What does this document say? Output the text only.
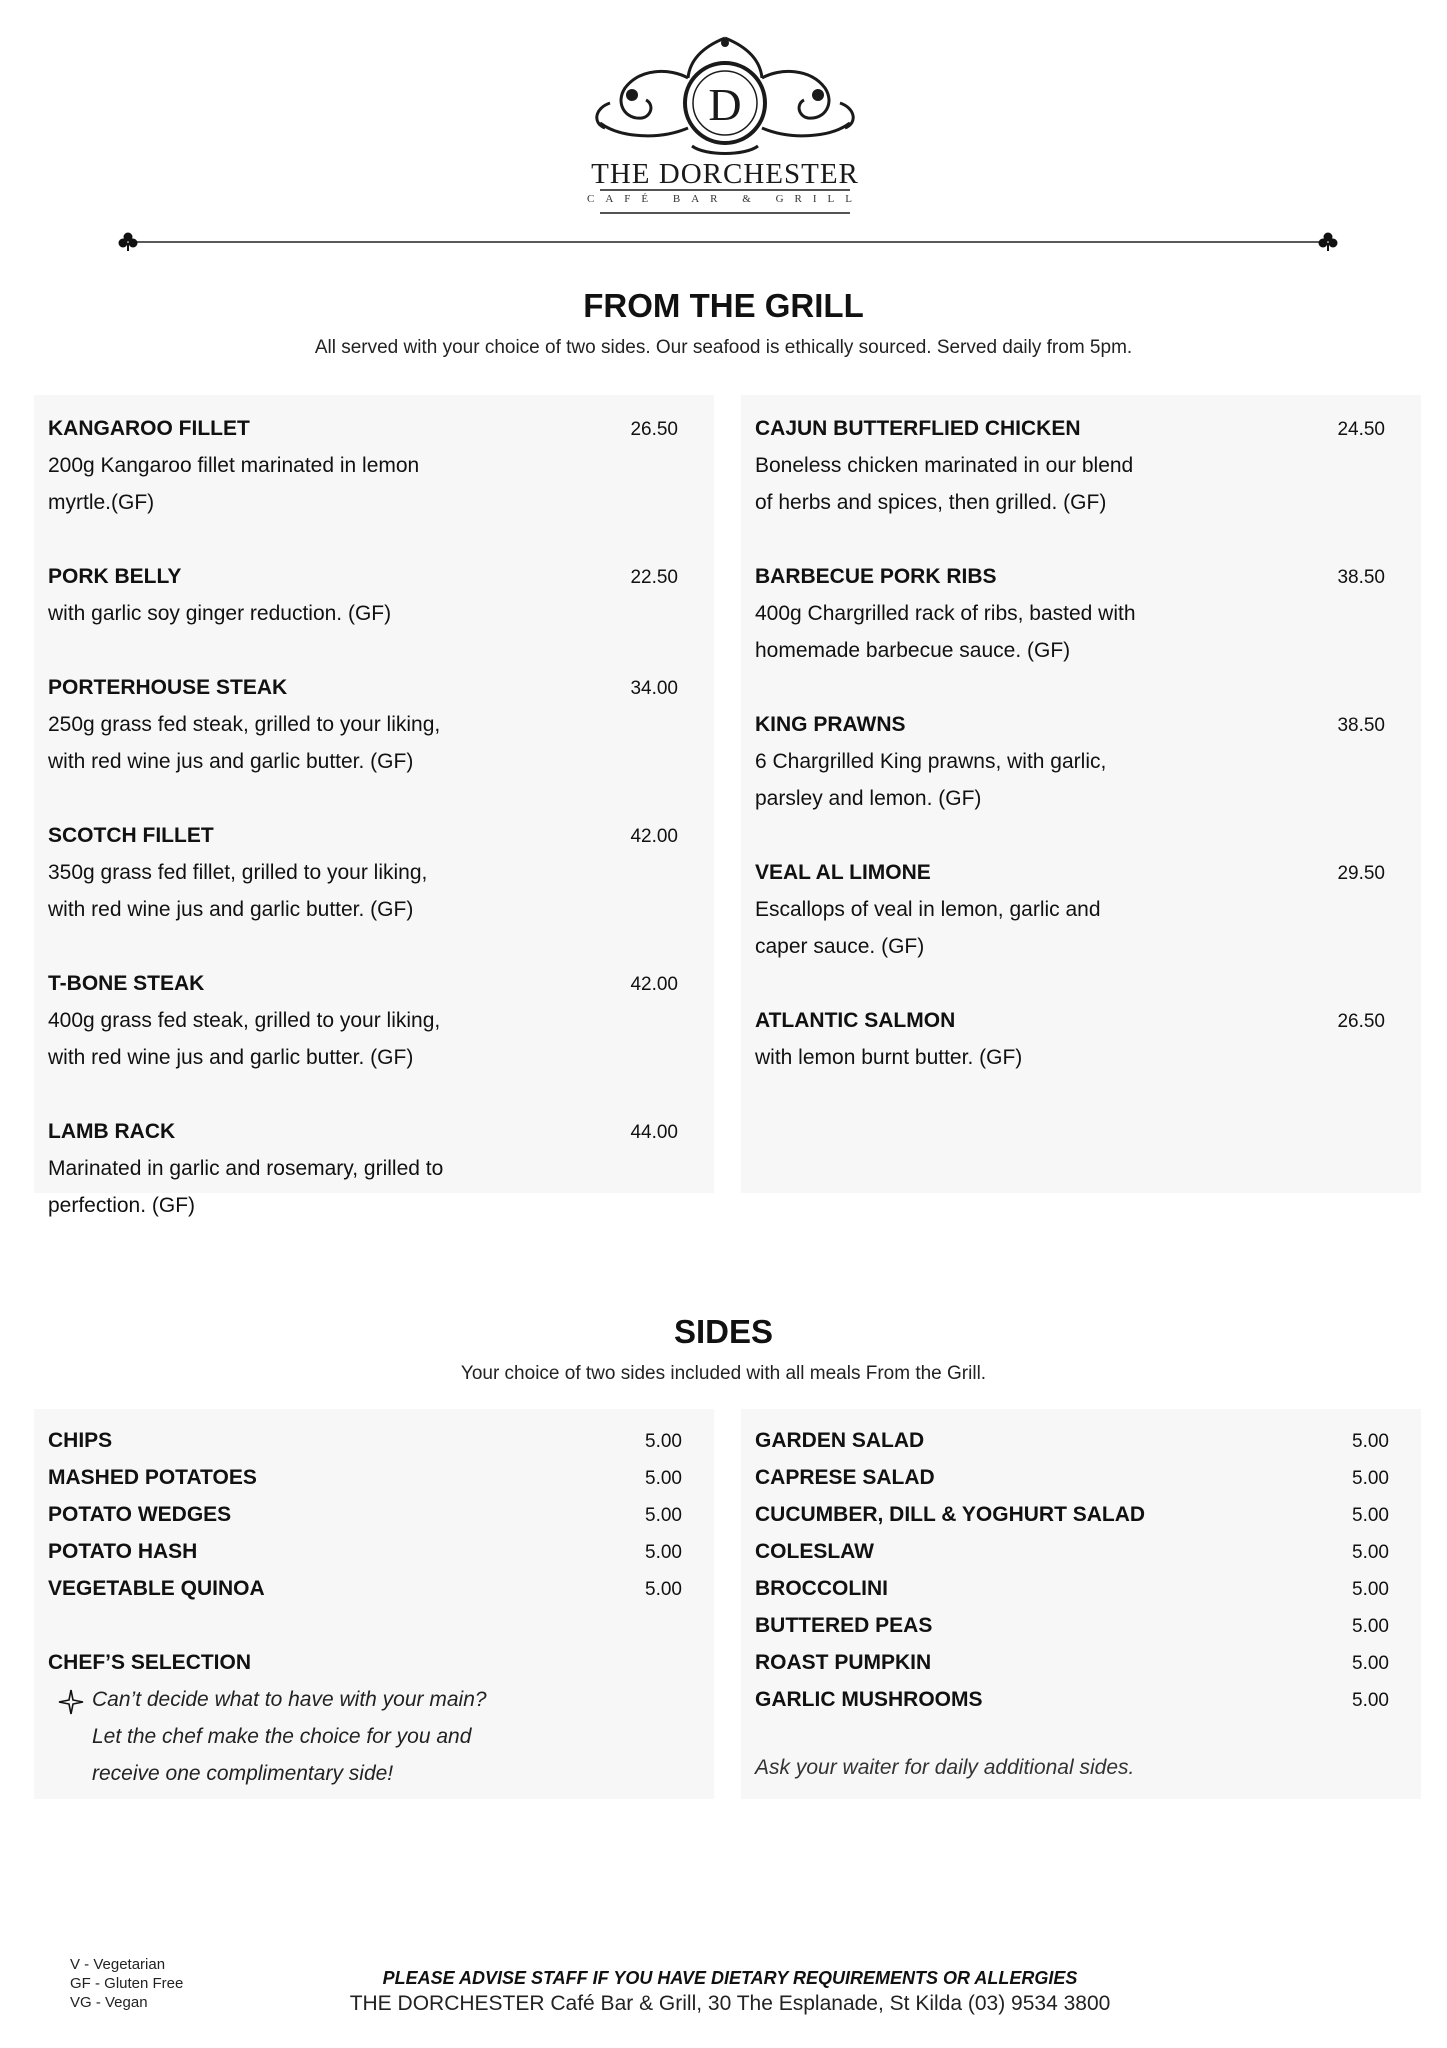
D
THE DORCHESTER
CAFÉ BAR & GRILL
FROM THE GRILL
All served with your choice of two sides. Our seafood is ethically sourced. Served daily from 5pm.
KANGAROO FILLET	26.50
200g Kangaroo fillet marinated in lemon myrtle.(GF)
PORK BELLY	22.50
with garlic soy ginger reduction. (GF)
PORTERHOUSE STEAK	34.00
250g grass fed steak, grilled to your liking,
with red wine jus and garlic butter. (GF)
SCOTCH FILLET	42.00
350g grass fed fillet, grilled to your liking,
with red wine jus and garlic butter. (GF)
T-BONE STEAK	42.00
400g grass fed steak, grilled to your liking,
with red wine jus and garlic butter. (GF)
LAMB RACK	44.00
Marinated in garlic and rosemary, grilled to
perfection. (GF)
CAJUN BUTTERFLIED CHICKEN	24.50
Boneless chicken marinated in our blend
of herbs and spices, then grilled. (GF)
BARBECUE PORK RIBS	38.50
400g Chargrilled rack of ribs, basted with
homemade barbecue sauce. (GF)
KING PRAWNS	38.50
6 Chargrilled King prawns, with garlic,
parsley and lemon. (GF)
VEAL AL LIMONE	29.50
Escallops of veal in lemon, garlic and
caper sauce. (GF)
ATLANTIC SALMON	26.50
with lemon burnt butter. (GF)
SIDES
Your choice of two sides included with all meals From the Grill.
CHIPS	5.00
MASHED POTATOES	5.00
POTATO WEDGES	5.00
POTATO HASH	5.00
VEGETABLE QUINOA	5.00
CHEF’S SELECTION
Can’t decide what to have with your main?
Let the chef make the choice for you and
receive one complimentary side!
GARDEN SALAD	5.00
CAPRESE SALAD	5.00
CUCUMBER, DILL & YOGHURT SALAD	5.00
COLESLAW	5.00
BROCCOLINI	5.00
BUTTERED PEAS	5.00
ROAST PUMPKIN	5.00
GARLIC MUSHROOMS	5.00
Ask your waiter for daily additional sides.
V - Vegetarian
GF - Gluten Free
VG - Vegan
PLEASE ADVISE STAFF IF YOU HAVE DIETARY REQUIREMENTS OR ALLERGIES
THE DORCHESTER Café Bar & Grill, 30 The Esplanade, St Kilda (03) 9534 3800
